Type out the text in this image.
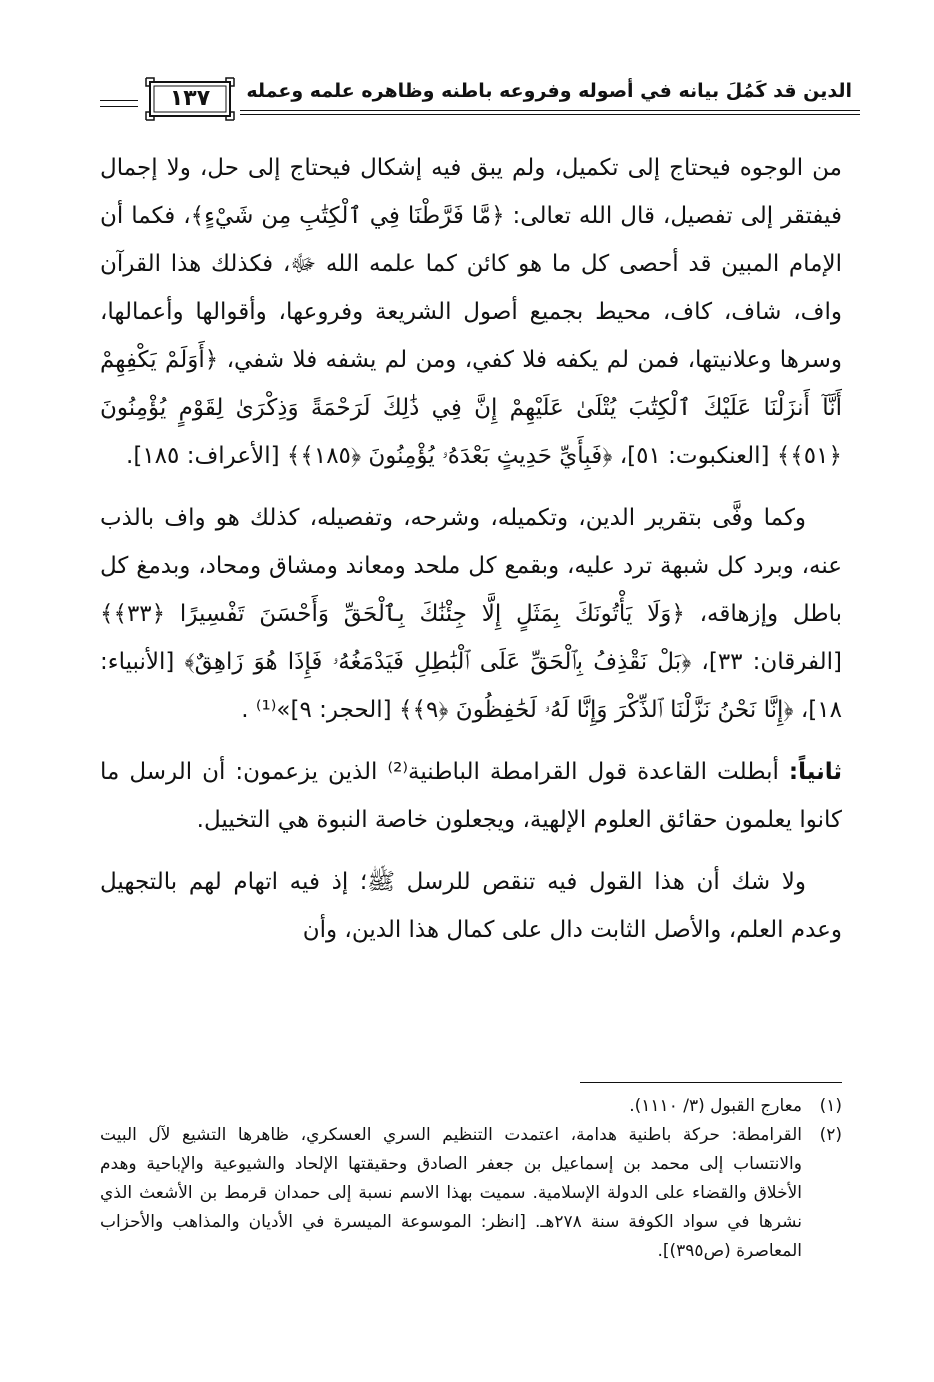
الدين قد كَمُلَ بيانه في أصوله وفروعه باطنه وظاهره علمه وعمله
١٣٧

من الوجوه فيحتاج إلى تكميل، ولم يبق فيه إشكال فيحتاج إلى حل، ولا إجمال فيفتقر إلى تفصيل، قال الله تعالى: ﴿مَّا فَرَّطْنَا فِي ٱلْكِتَٰبِ مِن شَيْءٍ﴾، فكما أن الإمام المبين قد أحصى كل ما هو كائن كما علمه الله ﷻ، فكذلك هذا القرآن واف، شاف، كاف، محيط بجميع أصول الشريعة وفروعها، وأقوالها وأعمالها، وسرها وعلانيتها، فمن لم يكفه فلا كفي، ومن لم يشفه فلا شفي، ﴿أَوَلَمْ يَكْفِهِمْ أَنَّآ أَنزَلْنَا عَلَيْكَ ٱلْكِتَٰبَ يُتْلَىٰ عَلَيْهِمْ إِنَّ فِي ذَٰلِكَ لَرَحْمَةً وَذِكْرَىٰ لِقَوْمٍ يُؤْمِنُونَ ﴿٥١﴾﴾ [العنكبوت: ٥١]، ﴿فَبِأَيِّ حَدِيثٍ بَعْدَهُۥ يُؤْمِنُونَ ﴿١٨٥﴾﴾ [الأعراف: ١٨٥].

وكما وفَّى بتقرير الدين، وتكميله، وشرحه، وتفصيله، كذلك هو واف بالذب عنه، وبرد كل شبهة ترد عليه، وبقمع كل ملحد ومعاند ومشاق ومحاد، وبدمغ كل باطل وإزهاقه، ﴿وَلَا يَأْتُونَكَ بِمَثَلٍ إِلَّا جِئْنَٰكَ بِٱلْحَقِّ وَأَحْسَنَ تَفْسِيرًا ﴿٣٣﴾﴾ [الفرقان: ٣٣]، ﴿بَلْ نَقْذِفُ بِٱلْحَقِّ عَلَى ٱلْبَٰطِلِ فَيَدْمَغُهُۥ فَإِذَا هُوَ زَاهِقٌ﴾ [الأنبياء: ١٨]، ﴿إِنَّا نَحْنُ نَزَّلْنَا ٱلذِّكْرَ وَإِنَّا لَهُۥ لَحَٰفِظُونَ ﴿٩﴾﴾ [الحجر: ٩]»⁽¹⁾ .

ثانياً: أبطلت القاعدة قول القرامطة الباطنية⁽²⁾ الذين يزعمون: أن الرسل ما كانوا يعلمون حقائق العلوم الإلهية، ويجعلون خاصة النبوة هي التخييل.

ولا شك أن هذا القول فيه تنقص للرسل ﷺ؛ إذ فيه اتهام لهم بالتجهيل وعدم العلم، والأصل الثابت دال على كمال هذا الدين، وأن

(١)
معارج القبول (٣/ ١١١٠).
(٢)
القرامطة: حركة باطنية هدامة، اعتمدت التنظيم السري العسكري، ظاهرها التشيع لآل البيت والانتساب إلى محمد بن إسماعيل بن جعفر الصادق وحقيقتها الإلحاد والشيوعية والإباحية وهدم الأخلاق والقضاء على الدولة الإسلامية. سميت بهذا الاسم نسبة إلى حمدان قرمط بن الأشعث الذي نشرها في سواد الكوفة سنة ٢٧٨هـ. [انظر: الموسوعة الميسرة في الأديان والمذاهب والأحزاب المعاصرة (ص٣٩٥)].
